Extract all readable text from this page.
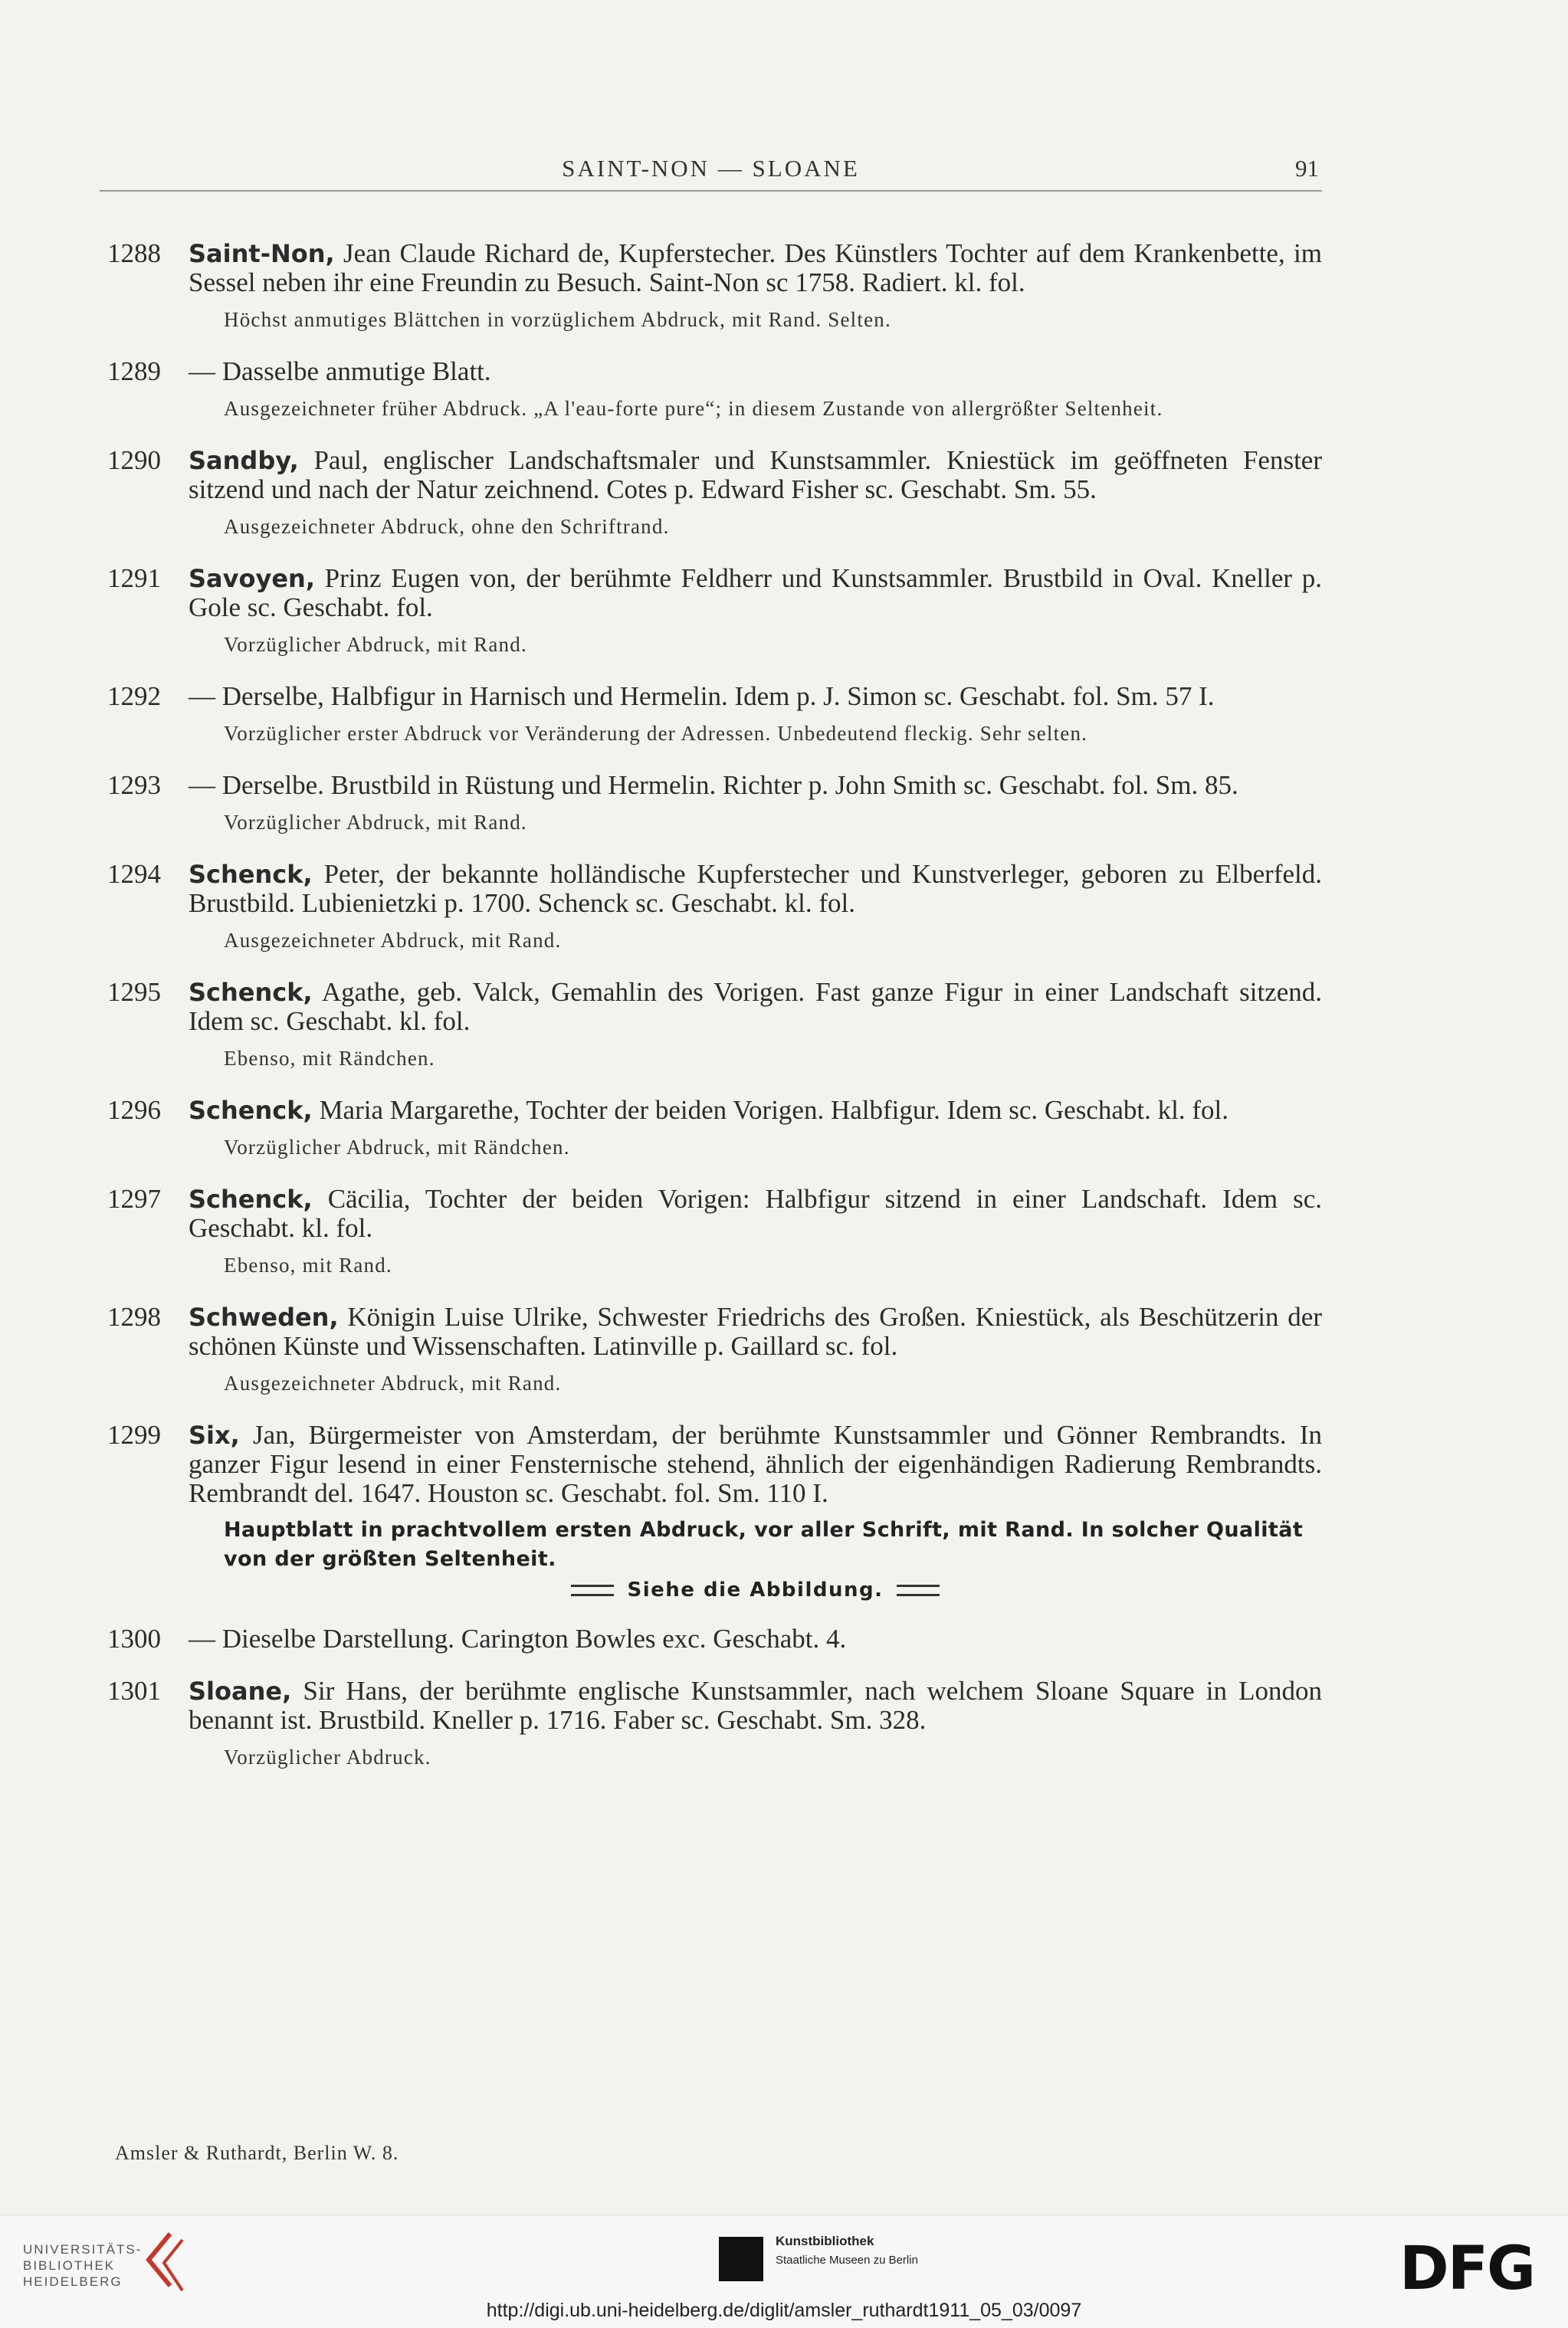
SAINT-NON — SLOANE	91
1288 Saint-Non, Jean Claude Richard de, Kupferstecher. Des Künstlers Tochter auf dem Krankenbette, im Sessel neben ihr eine Freundin zu Besuch. Saint-Non sc 1758. Radiert. kl. fol.
Höchst anmutiges Blättchen in vorzüglichem Abdruck, mit Rand. Selten.
1289 — Dasselbe anmutige Blatt.
Ausgezeichneter früher Abdruck. „A l'eau-forte pure“; in diesem Zustande von allergrößter Seltenheit.
1290 Sandby, Paul, englischer Landschaftsmaler und Kunstsammler. Kniestück im geöffneten Fenster sitzend und nach der Natur zeichnend. Cotes p. Edward Fisher sc. Geschabt. Sm. 55.
Ausgezeichneter Abdruck, ohne den Schriftrand.
1291 Savoyen, Prinz Eugen von, der berühmte Feldherr und Kunstsammler. Brustbild in Oval. Kneller p. Gole sc. Geschabt. fol.
Vorzüglicher Abdruck, mit Rand.
1292 — Derselbe, Halbfigur in Harnisch und Hermelin. Idem p. J. Simon sc. Geschabt. fol. Sm. 57 I.
Vorzüglicher erster Abdruck vor Veränderung der Adressen. Unbedeutend fleckig. Sehr selten.
1293 — Derselbe. Brustbild in Rüstung und Hermelin. Richter p. John Smith sc. Geschabt. fol. Sm. 85.
Vorzüglicher Abdruck, mit Rand.
1294 Schenck, Peter, der bekannte holländische Kupferstecher und Kunstverleger, geboren zu Elberfeld. Brustbild. Lubienietzki p. 1700. Schenck sc. Geschabt. kl. fol.
Ausgezeichneter Abdruck, mit Rand.
1295 Schenck, Agathe, geb. Valck, Gemahlin des Vorigen. Fast ganze Figur in einer Landschaft sitzend. Idem sc. Geschabt. kl. fol.
Ebenso, mit Rändchen.
1296 Schenck, Maria Margarethe, Tochter der beiden Vorigen. Halbfigur. Idem sc. Geschabt. kl. fol.
Vorzüglicher Abdruck, mit Rändchen.
1297 Schenck, Cäcilia, Tochter der beiden Vorigen: Halbfigur sitzend in einer Landschaft. Idem sc. Geschabt. kl. fol.
Ebenso, mit Rand.
1298 Schweden, Königin Luise Ulrike, Schwester Friedrichs des Großen. Kniestück, als Beschützerin der schönen Künste und Wissenschaften. Latinville p. Gaillard sc. fol.
Ausgezeichneter Abdruck, mit Rand.
1299 Six, Jan, Bürgermeister von Amsterdam, der berühmte Kunstsammler und Gönner Rembrandts. In ganzer Figur lesend in einer Fensternische stehend, ähnlich der eigenhändigen Radierung Rembrandts. Rembrandt del. 1647. Houston sc. Geschabt. fol. Sm. 110 I.
Hauptblatt in prachtvollem ersten Abdruck, vor aller Schrift, mit Rand. In solcher Qualität von der größten Seltenheit.
Siehe die Abbildung.
1300 — Dieselbe Darstellung. Carington Bowles exc. Geschabt. 4.
1301 Sloane, Sir Hans, der berühmte englische Kunstsammler, nach welchem Sloane Square in London benannt ist. Brustbild. Kneller p. 1716. Faber sc. Geschabt. Sm. 328.
Vorzüglicher Abdruck.
Amsler & Ruthardt, Berlin W. 8.
UNIVERSITÄTS-
BIBLIOTHEK
HEIDELBERG
Kunstbibliothek
Staatliche Museen zu Berlin	DFG
http://digi.ub.uni-heidelberg.de/diglit/amsler_ruthardt1911_05_03/0097
